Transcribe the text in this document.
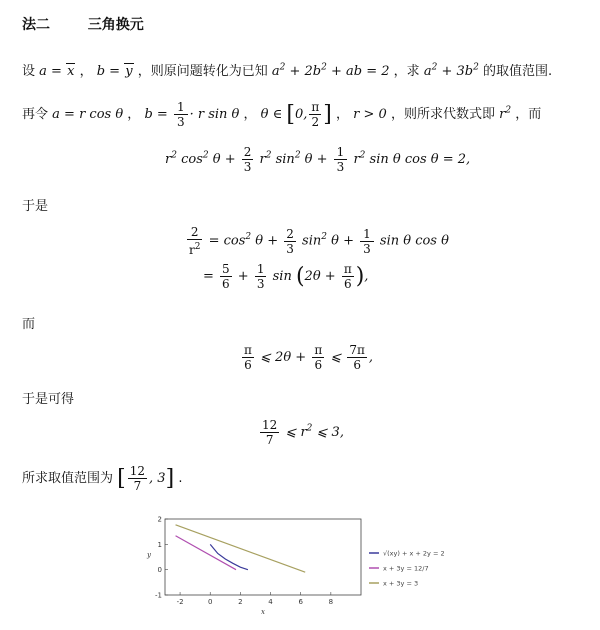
法二	三角换元
设 a = x ， b = y ，则原问题转化为已知 $a^2 + 2b^2$ + ab = 2 ，求 $a^2 + 3b^2$ 的取值范围.
再令 a = r cos θ ， $b = \frac{1}{3} \cdot r$ sin θ ， θ ∈ [0, $\frac{\pi}{2}$ ] ， r > 0 ，则所求代数式即 $r^2$ ，而
$r^2$ $\cos^2 \theta + \frac{2}{3} r^2$ $\sin^2 \theta + \frac{1}{3} r^2$ sin θ cos θ = 2,
于是
$\frac{2}{r^2} = \cos^2 \theta + \frac{2}{3} \sin^2 \theta + \frac{1}{3}$ sin θ cos θ
= $\frac{5}{6} + \frac{1}{3}$ $\sin (2\theta + \frac{\pi}{6}$ ),
而
$\frac{\pi}{6}$ ⩽ $2\theta + \frac{\pi}{6}$ ⩽ $\frac{7\pi}{6}$ ,
于是可得
$\frac{12}{7}$ ⩽ $r^2$ ⩽ 3,
所求取值范围为 [ $\frac{12}{7}$ , 3] .
-2	0	2	4	6	8
-1
0
1
2
x
y	√(xy) + x + 2y = 2
x + 3y = 12/7
x + 3y = 3
